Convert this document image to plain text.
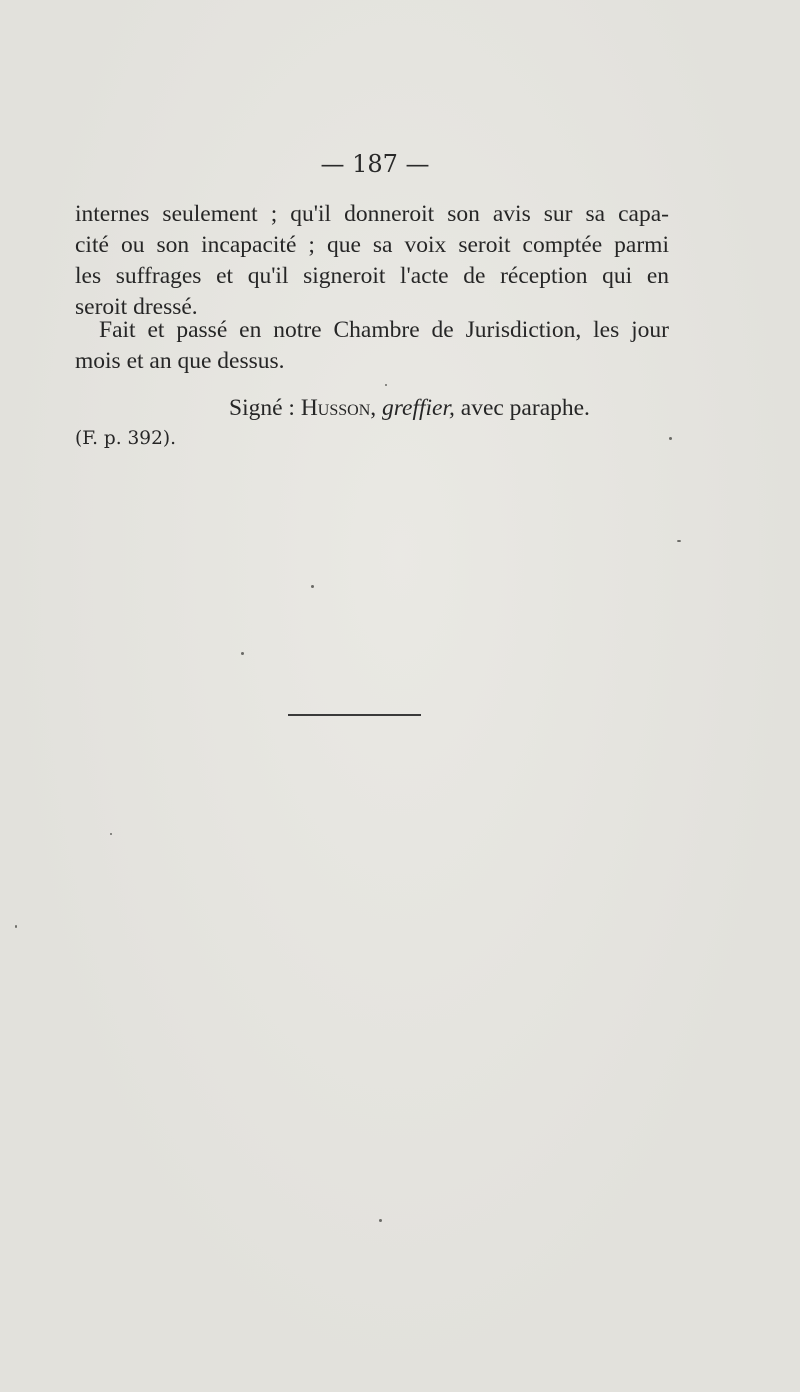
— 187 —

internes seulement ; qu'il donneroit son avis sur sa capa-
cité ou son incapacité ; que sa voix seroit comptée parmi
les suffrages et qu'il signeroit l'acte de réception qui en
seroit dressé.

Fait et passé en notre Chambre de Jurisdiction, les jour
mois et an que dessus.

Signé : Husson, greffier, avec paraphe.
(F. p. 392).
